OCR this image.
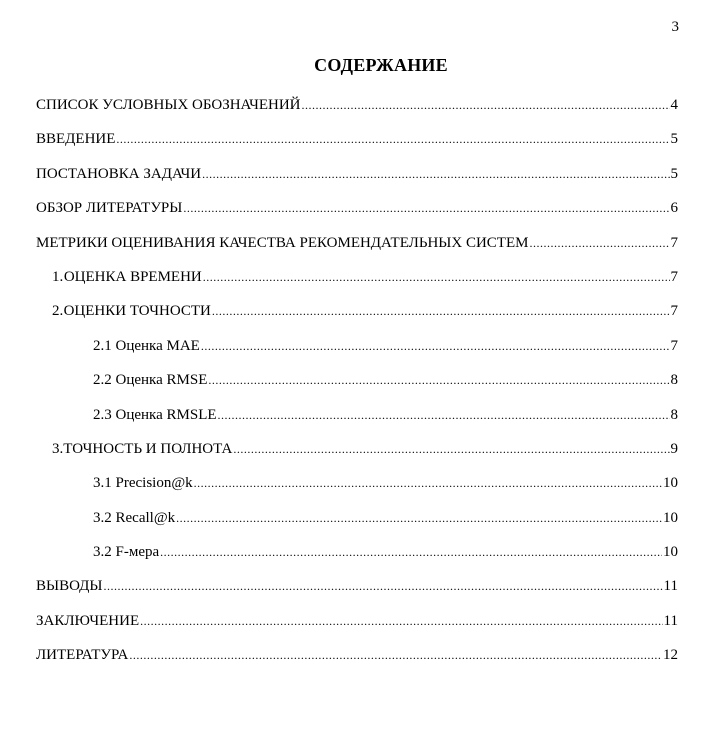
3
СОДЕРЖАНИЕ
СПИСОК УСЛОВНЫХ ОБОЗНАЧЕНИЙ .....	4
ВВЕДЕНИЕ .....	5
ПОСТАНОВКА ЗАДАЧИ .....	5
ОБЗОР ЛИТЕРАТУРЫ .....	6
МЕТРИКИ ОЦЕНИВАНИЯ КАЧЕСТВА РЕКОМЕНДАТЕЛЬНЫХ СИСТЕМ .....	7
1. ОЦЕНКА ВРЕМЕНИ .....	7
2. ОЦЕНКИ ТОЧНОСТИ .....	7
2.1 Оценка MAE .....	7
2.2 Оценка RMSE .....	8
2.3 Оценка RMSLE .....	8
3. ТОЧНОСТЬ И ПОЛНОТА .....	9
3.1 Precision@k .....	10
3.2 Recall@k .....	10
3.2 F-мера .....	10
ВЫВОДЫ .....	11
ЗАКЛЮЧЕНИЕ .....	11
ЛИТЕРАТУРА .....	12
